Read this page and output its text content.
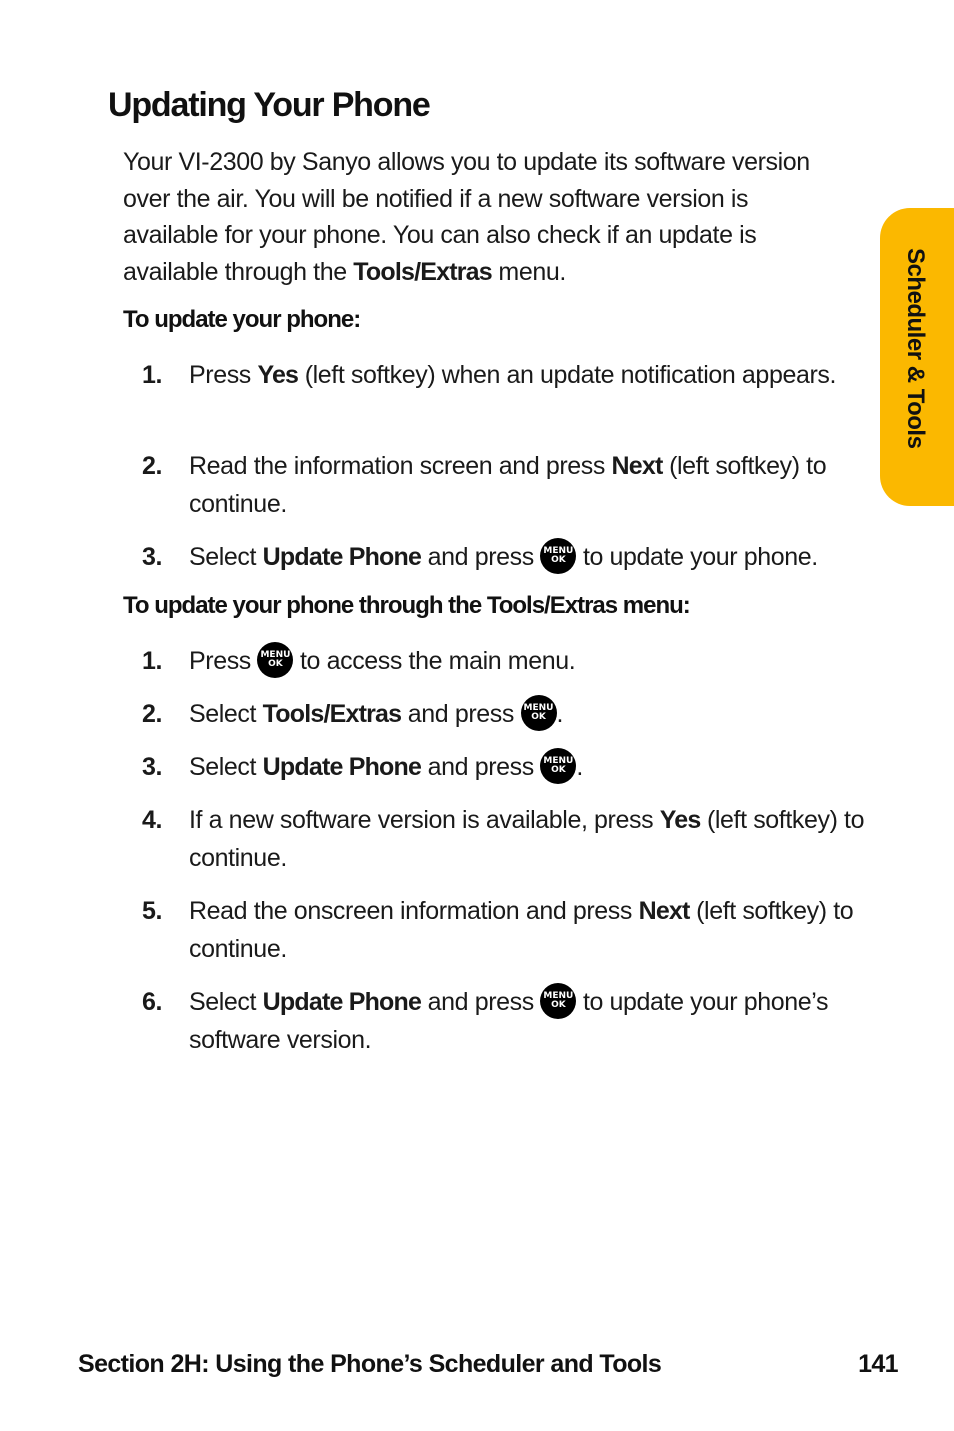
Updating Your Phone
Your VI-2300 by Sanyo allows you to update its software version over the air. You will be notified if a new software version is available for your phone. You can also check if an update is available through the Tools/Extras menu.
To update your phone:
1. Press Yes (left softkey) when an update notification appears.
2. Read the information screen and press Next (left softkey) to continue.
3. Select Update Phone and press MENU
OK to update your phone.
To update your phone through the Tools/Extras menu:
1. Press MENU
OK to access the main menu.
2. Select Tools/Extras and press MENU
OK .
3. Select Update Phone and press MENU
OK .
4. If a new software version is available, press Yes (left softkey) to continue.
5. Read the onscreen information and press Next (left softkey) to continue.
6. Select Update Phone and press MENU
OK to update your phone’s software version.
Scheduler & Tools
Section 2H: Using the Phone’s Scheduler and Tools	141
